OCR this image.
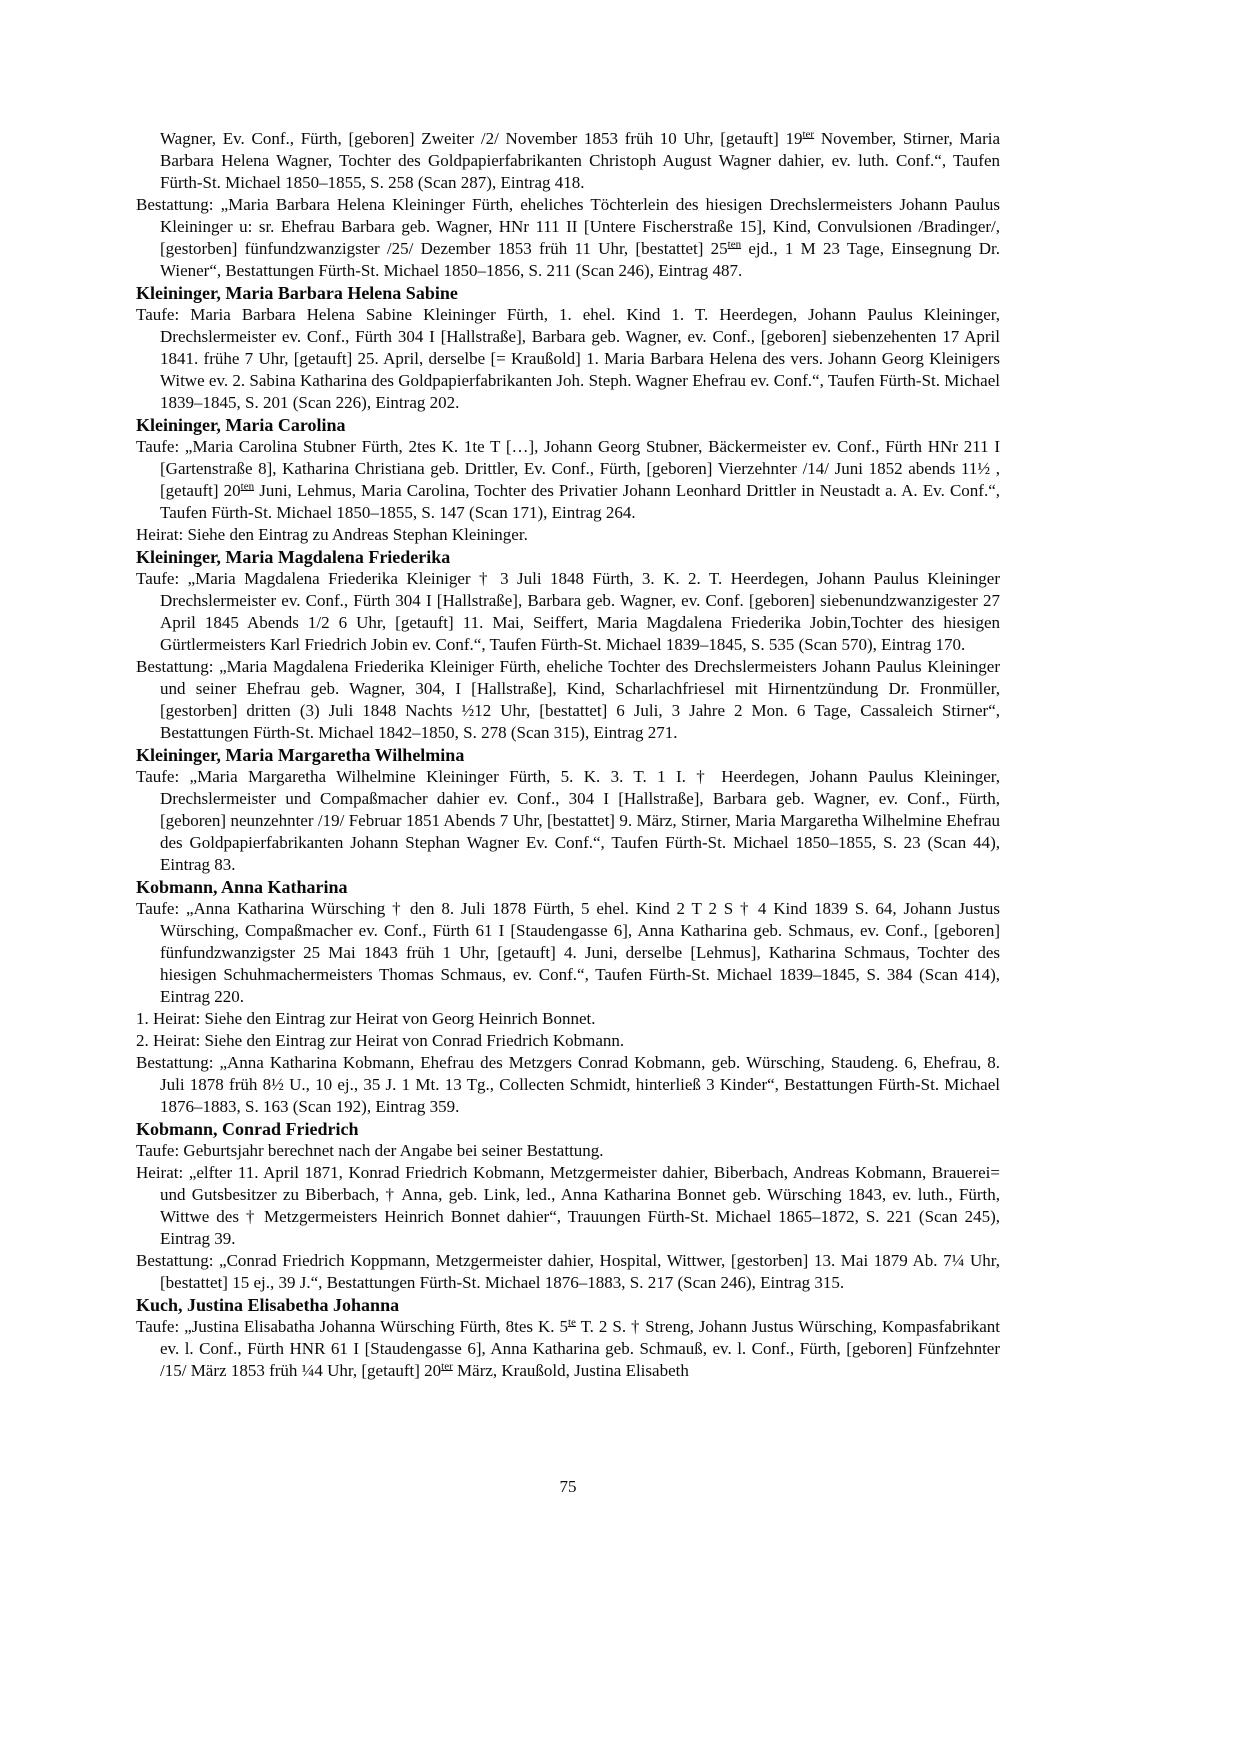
Wagner, Ev. Conf., Fürth, [geboren] Zweiter /2/ November 1853 früh 10 Uhr, [getauft] $19^{ter}$ November, Stirner, Maria Barbara Helena Wagner, Tochter des Goldpapierfabrikanten Christoph August Wagner dahier, ev. luth. Conf.“, Taufen Fürth-St. Michael 1850–1855, S. 258 (Scan 287), Eintrag 418.

Bestattung: „Maria Barbara Helena Kleininger Fürth, eheliches Töchterlein des hiesigen Drechslermeisters Johann Paulus Kleininger u: sr. Ehefrau Barbara geb. Wagner, HNr 111 II [Untere Fischerstraße 15], Kind, Convulsionen /Bradinger/, [gestorben] fünfundzwanzigster /25/ Dezember 1853 früh 11 Uhr, [bestattet] $25^{ten}$ ejd., 1 M 23 Tage, Einsegnung Dr. Wiener“, Bestattungen Fürth-St. Michael 1850–1856, S. 211 (Scan 246), Eintrag 487.

Kleininger, Maria Barbara Helena Sabine

Taufe: Maria Barbara Helena Sabine Kleininger Fürth, 1. ehel. Kind 1. T. Heerdegen, Johann Paulus Kleininger, Drechslermeister ev. Conf., Fürth 304 I [Hallstraße], Barbara geb. Wagner, ev. Conf., [geboren] siebenzehenten 17 April 1841. frühe 7 Uhr, [getauft] 25. April, derselbe [= Kraußold] 1. Maria Barbara Helena des vers. Johann Georg Kleinigers Witwe ev. 2. Sabina Katharina des Goldpapierfabrikanten Joh. Steph. Wagner Ehefrau ev. Conf.“, Taufen Fürth-St. Michael 1839–1845, S. 201 (Scan 226), Eintrag 202.

Kleininger, Maria Carolina

Taufe: „Maria Carolina Stubner Fürth, 2tes K. 1te T […], Johann Georg Stubner, Bäckermeister ev. Conf., Fürth HNr 211 I [Gartenstraße 8], Katharina Christiana geb. Drittler, Ev. Conf., Fürth, [geboren] Vierzehnter /14/ Juni 1852 abends 11½ , [getauft] $20^{ten}$ Juni, Lehmus, Maria Carolina, Tochter des Privatier Johann Leonhard Drittler in Neustadt a. A. Ev. Conf.“, Taufen Fürth-St. Michael 1850–1855, S. 147 (Scan 171), Eintrag 264.

Heirat: Siehe den Eintrag zu Andreas Stephan Kleininger.

Kleininger, Maria Magdalena Friederika

Taufe: „Maria Magdalena Friederika Kleiniger † 3 Juli 1848 Fürth, 3. K. 2. T. Heerdegen, Johann Paulus Kleininger Drechslermeister ev. Conf., Fürth 304 I [Hallstraße], Barbara geb. Wagner, ev. Conf. [geboren] siebenundzwanzigester 27 April 1845 Abends 1/2 6 Uhr, [getauft] 11. Mai, Seiffert, Maria Magdalena Friederika Jobin,Tochter des hiesigen Gürtlermeisters Karl Friedrich Jobin ev. Conf.“, Taufen Fürth-St. Michael 1839–1845, S. 535 (Scan 570), Eintrag 170.

Bestattung: „Maria Magdalena Friederika Kleiniger Fürth, eheliche Tochter des Drechslermeisters Johann Paulus Kleininger und seiner Ehefrau geb. Wagner, 304, I [Hallstraße], Kind, Scharlachfriesel mit Hirnentzündung Dr. Fronmüller, [gestorben] dritten (3) Juli 1848 Nachts ½12 Uhr, [bestattet] 6 Juli, 3 Jahre 2 Mon. 6 Tage, Cassaleich Stirner“, Bestattungen Fürth-St. Michael 1842–1850, S. 278 (Scan 315), Eintrag 271.

Kleininger, Maria Margaretha Wilhelmina

Taufe: „Maria Margaretha Wilhelmine Kleininger Fürth, 5. K. 3. T. 1 I. † Heerdegen, Johann Paulus Kleininger, Drechslermeister und Compaßmacher dahier ev. Conf., 304 I [Hallstraße], Barbara geb. Wagner, ev. Conf., Fürth, [geboren] neunzehnter /19/ Februar 1851 Abends 7 Uhr, [bestattet] 9. März, Stirner, Maria Margaretha Wilhelmine Ehefrau des Goldpapierfabrikanten Johann Stephan Wagner Ev. Conf.“, Taufen Fürth-St. Michael 1850–1855, S. 23 (Scan 44), Eintrag 83.

Kobmann, Anna Katharina

Taufe: „Anna Katharina Würsching † den 8. Juli 1878 Fürth, 5 ehel. Kind 2 T 2 S † 4 Kind 1839 S. 64, Johann Justus Würsching, Compaßmacher ev. Conf., Fürth 61 I [Staudengasse 6], Anna Katharina geb. Schmaus, ev. Conf., [geboren] fünfundzwanzigster 25 Mai 1843 früh 1 Uhr, [getauft] 4. Juni, derselbe [Lehmus], Katharina Schmaus, Tochter des hiesigen Schuhmachermeisters Thomas Schmaus, ev. Conf.“, Taufen Fürth-St. Michael 1839–1845, S. 384 (Scan 414), Eintrag 220.

1. Heirat: Siehe den Eintrag zur Heirat von Georg Heinrich Bonnet.

2. Heirat: Siehe den Eintrag zur Heirat von Conrad Friedrich Kobmann.

Bestattung: „Anna Katharina Kobmann, Ehefrau des Metzgers Conrad Kobmann, geb. Würsching, Staudeng. 6, Ehefrau, 8. Juli 1878 früh 8½ U., 10 ej., 35 J. 1 Mt. 13 Tg., Collecten Schmidt, hinterließ 3 Kinder“, Bestattungen Fürth-St. Michael 1876–1883, S. 163 (Scan 192), Eintrag 359.

Kobmann, Conrad Friedrich

Taufe: Geburtsjahr berechnet nach der Angabe bei seiner Bestattung.

Heirat: „elfter 11. April 1871, Konrad Friedrich Kobmann, Metzgermeister dahier, Biberbach, Andreas Kobmann, Brauerei= und Gutsbesitzer zu Biberbach, † Anna, geb. Link, led., Anna Katharina Bonnet geb. Würsching 1843, ev. luth., Fürth, Wittwe des † Metzgermeisters Heinrich Bonnet dahier“, Trauungen Fürth-St. Michael 1865–1872, S. 221 (Scan 245), Eintrag 39.

Bestattung: „Conrad Friedrich Koppmann, Metzgermeister dahier, Hospital, Wittwer, [gestorben] 13. Mai 1879 Ab. 7¼ Uhr, [bestattet] 15 ej., 39 J.“, Bestattungen Fürth-St. Michael 1876–1883, S. 217 (Scan 246), Eintrag 315.

Kuch, Justina Elisabetha Johanna

Taufe: „Justina Elisabatha Johanna Würsching Fürth, 8tes K. $5^{te}$ T. 2 S. † Streng, Johann Justus Würsching, Kompasfabrikant ev. l. Conf., Fürth HNR 61 I [Staudengasse 6], Anna Katharina geb. Schmauß, ev. l. Conf., Fürth, [geboren] Fünfzehnter /15/ März 1853 früh ¼4 Uhr, [getauft] $20^{ter}$ März, Kraußold, Justina Elisabeth

75
